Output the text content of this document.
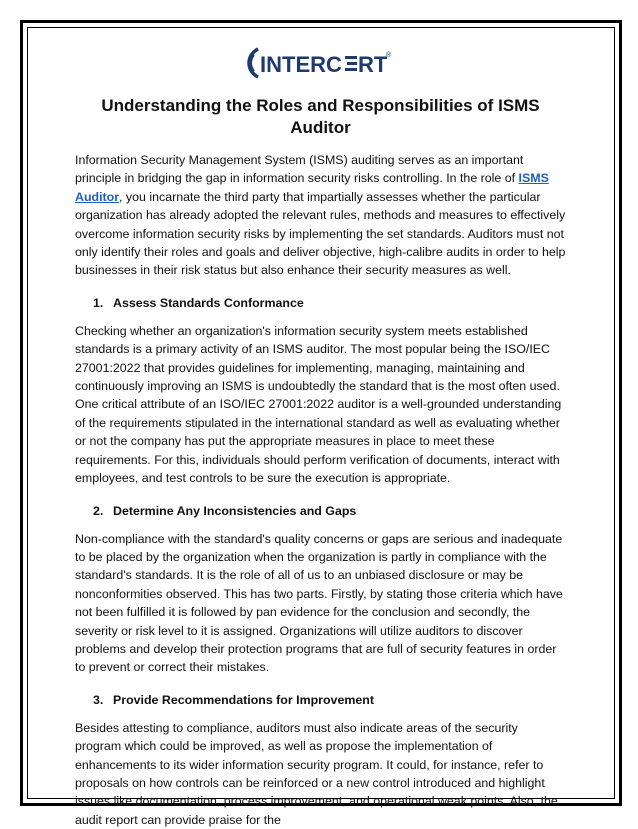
INTERC RT
®
Understanding the Roles and Responsibilities of ISMS Auditor

Information Security Management System (ISMS) auditing serves as an important principle in bridging the gap in information security risks controlling. In the role of ISMS Auditor, you incarnate the third party that impartially assesses whether the particular organization has already adopted the relevant rules, methods and measures to effectively overcome information security risks by implementing the set standards. Auditors must not only identify their roles and goals and deliver objective, high-calibre audits in order to help businesses in their risk status but also enhance their security measures as well.

1. Assess Standards Conformance

Checking whether an organization's information security system meets established standards is a primary activity of an ISMS auditor. The most popular being the ISO/IEC 27001:2022 that provides guidelines for implementing, managing, maintaining and continuously improving an ISMS is undoubtedly the standard that is the most often used. One critical attribute of an ISO/IEC 27001:2022 auditor is a well-grounded understanding of the requirements stipulated in the international standard as well as evaluating whether or not the company has put the appropriate measures in place to meet these requirements. For this, individuals should perform verification of documents, interact with employees, and test controls to be sure the execution is appropriate.

2. Determine Any Inconsistencies and Gaps

Non-compliance with the standard's quality concerns or gaps are serious and inadequate to be placed by the organization when the organization is partly in compliance with the standard's standards. It is the role of all of us to an unbiased disclosure or may be nonconformities observed. This has two parts. Firstly, by stating those criteria which have not been fulfilled it is followed by pan evidence for the conclusion and secondly, the severity or risk level to it is assigned. Organizations will utilize auditors to discover problems and develop their protection programs that are full of security features in order to prevent or correct their mistakes.

3. Provide Recommendations for Improvement

Besides attesting to compliance, auditors must also indicate areas of the security program which could be improved, as well as propose the implementation of enhancements to its wider information security program. It could, for instance, refer to proposals on how controls can be reinforced or a new control introduced and highlight issues like documentation, process improvement, and operational weak points. Also, the audit report can provide praise for the
